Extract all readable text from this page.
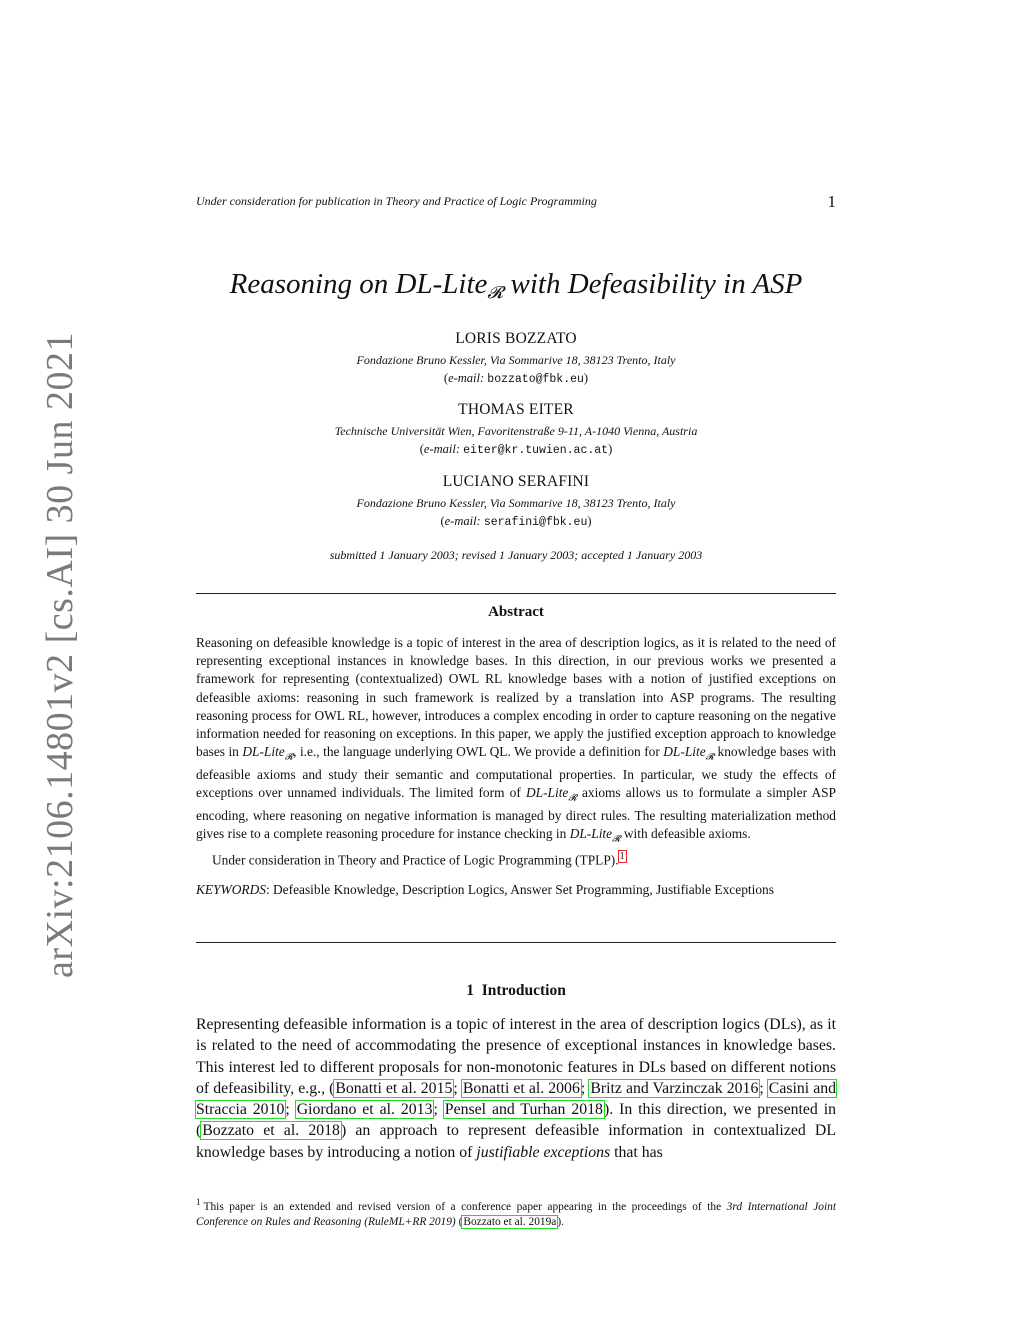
arXiv:2106.14801v2 [cs.AI] 30 Jun 2021
Under consideration for publication in Theory and Practice of Logic Programming	1
Reasoning on DL-Lite$_𝓡$ with Defeasibility in ASP
LORIS BOZZATO
Fondazione Bruno Kessler, Via Sommarive 18, 38123 Trento, Italy
(e-mail: bozzato@fbk.eu)
THOMAS EITER
Technische Universität Wien, Favoritenstraße 9-11, A-1040 Vienna, Austria
(e-mail: eiter@kr.tuwien.ac.at)
LUCIANO SERAFINI
Fondazione Bruno Kessler, Via Sommarive 18, 38123 Trento, Italy
(e-mail: serafini@fbk.eu)
submitted 1 January 2003; revised 1 January 2003; accepted 1 January 2003
Abstract

Reasoning on defeasible knowledge is a topic of interest in the area of description logics, as it is related to the need of representing exceptional instances in knowledge bases. In this direction, in our previous works we presented a framework for representing (contextualized) OWL RL knowledge bases with a notion of justified exceptions on defeasible axioms: reasoning in such framework is realized by a translation into ASP programs. The resulting reasoning process for OWL RL, however, introduces a complex encoding in order to capture reasoning on the negative information needed for reasoning on exceptions. In this paper, we apply the justified exception approach to knowledge bases in DL-Lite$_𝓡$, i.e., the language underlying OWL QL. We provide a definition for DL-Lite$_𝓡$ knowledge bases with defeasible axioms and study their semantic and computational properties. In particular, we study the effects of exceptions over unnamed individuals. The limited form of DL-Lite$_𝓡$ axioms allows us to formulate a simpler ASP encoding, where reasoning on negative information is managed by direct rules. The resulting materialization method gives rise to a complete reasoning procedure for instance checking in DL-Lite$_𝓡$ with defeasible axioms.

Under consideration in Theory and Practice of Logic Programming (TPLP).$^1$

KEYWORDS: Defeasible Knowledge, Description Logics, Answer Set Programming, Justifiable Exceptions
1 Introduction

Representing defeasible information is a topic of interest in the area of description logics (DLs), as it is related to the need of accommodating the presence of exceptional instances in knowledge bases. This interest led to different proposals for non-monotonic features in DLs based on different notions of defeasibility, e.g., (Bonatti et al. 2015; Bonatti et al. 2006; Britz and Varzinczak 2016; Casini and Straccia 2010; Giordano et al. 2013; Pensel and Turhan 2018). In this direction, we presented in (Bozzato et al. 2018) an approach to represent defeasible information in contextualized DL knowledge bases by introducing a notion of justifiable exceptions that has

$^1$ This paper is an extended and revised version of a conference paper appearing in the proceedings of the 3rd International Joint Conference on Rules and Reasoning (RuleML+RR 2019) (Bozzato et al. 2019a).
